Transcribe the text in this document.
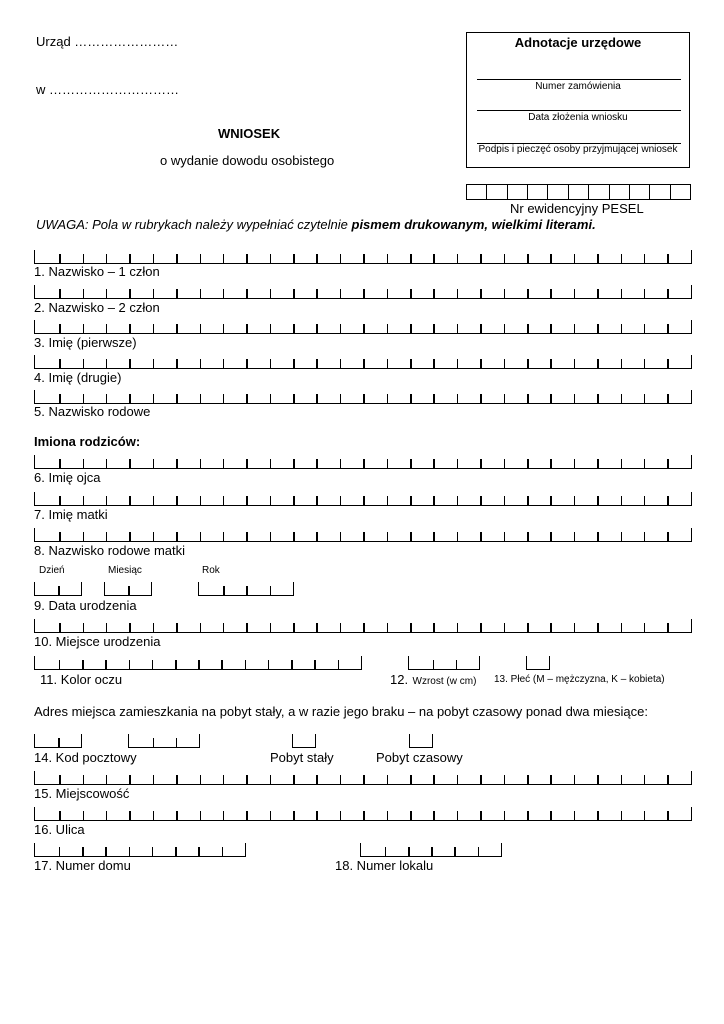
Urząd ……………………
w …………………………
WNIOSEK
o wydanie dowodu osobistego
Adnotacje urzędowe
Numer zamówienia
Data złożenia wniosku
Podpis i pieczęć osoby przyjmującej wniosek
Nr ewidencyjny PESEL
UWAGA: Pola w rubrykach należy wypełniać czytelnie pismem drukowanym, wielkimi literami.
1. Nazwisko – 1 człon
2. Nazwisko – 2 człon
3. Imię (pierwsze)
4. Imię (drugie)
5. Nazwisko rodowe
Imiona rodziców:
6. Imię ojca
7. Imię matki
8. Nazwisko rodowe matki
Dzień	Miesiąc	Rok
9. Data urodzenia
10. Miejsce urodzenia
11. Kolor oczu	12. Wzrost (w cm) 13. Płeć (M – mężczyzna, K – kobieta)
Adres miejsca zamieszkania na pobyt stały, a w razie jego braku – na pobyt czasowy ponad dwa miesiące:
14. Kod pocztowy	Pobyt stały	Pobyt czasowy
15. Miejscowość
16. Ulica
17. Numer domu	18. Numer lokalu
